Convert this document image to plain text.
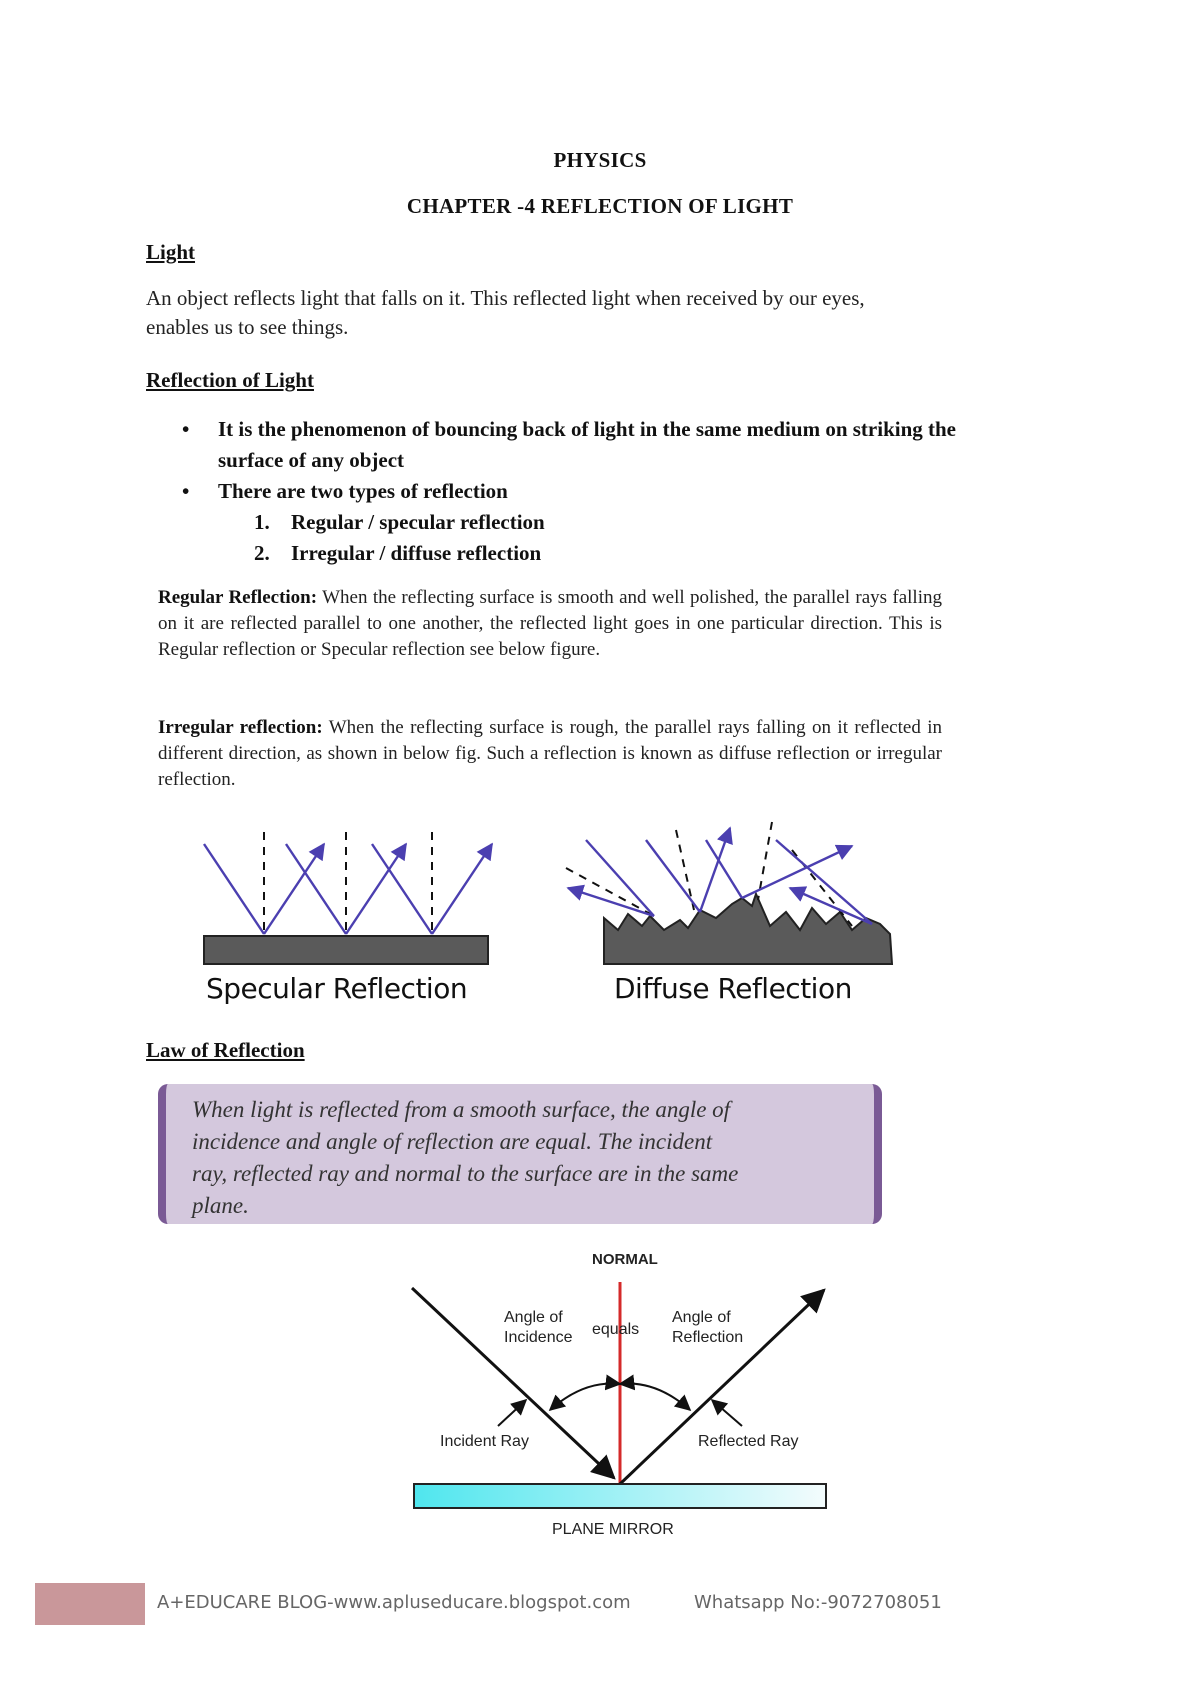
PHYSICS
CHAPTER -4 REFLECTION OF LIGHT
Light
An object reflects light that falls on it. This reflected light when received by our eyes,
enables us to see things.
Reflection of Light
• It is the phenomenon of bouncing back of light in the same medium on striking the
surface of any object
• There are two types of reflection
1. Regular / specular reflection
2. Irregular / diffuse reflection
Regular Reflection: When the reflecting surface is smooth and well polished, the parallel rays falling on it are reflected parallel to one another, the reflected light goes in one particular direction. This is Regular reflection or Specular reflection see below figure.
Irregular reflection: When the reflecting surface is rough, the parallel rays falling on it reflected in different direction, as shown in below fig. Such a reflection is known as diffuse reflection or irregular reflection.
Specular Reflection	Diffuse Reflection
Law of Reflection
When light is reflected from a smooth surface, the angle of
incidence and angle of reflection are equal. The incident
ray, reflected ray and normal to the surface are in the same
plane.
NORMAL
Angle of
Incidence equals
Angle of
Reflection
Incident Ray	Reflected Ray
PLANE MIRROR
A+EDUCARE BLOG-www.apluseducare.blogspot.com	Whatsapp No:-9072708051
